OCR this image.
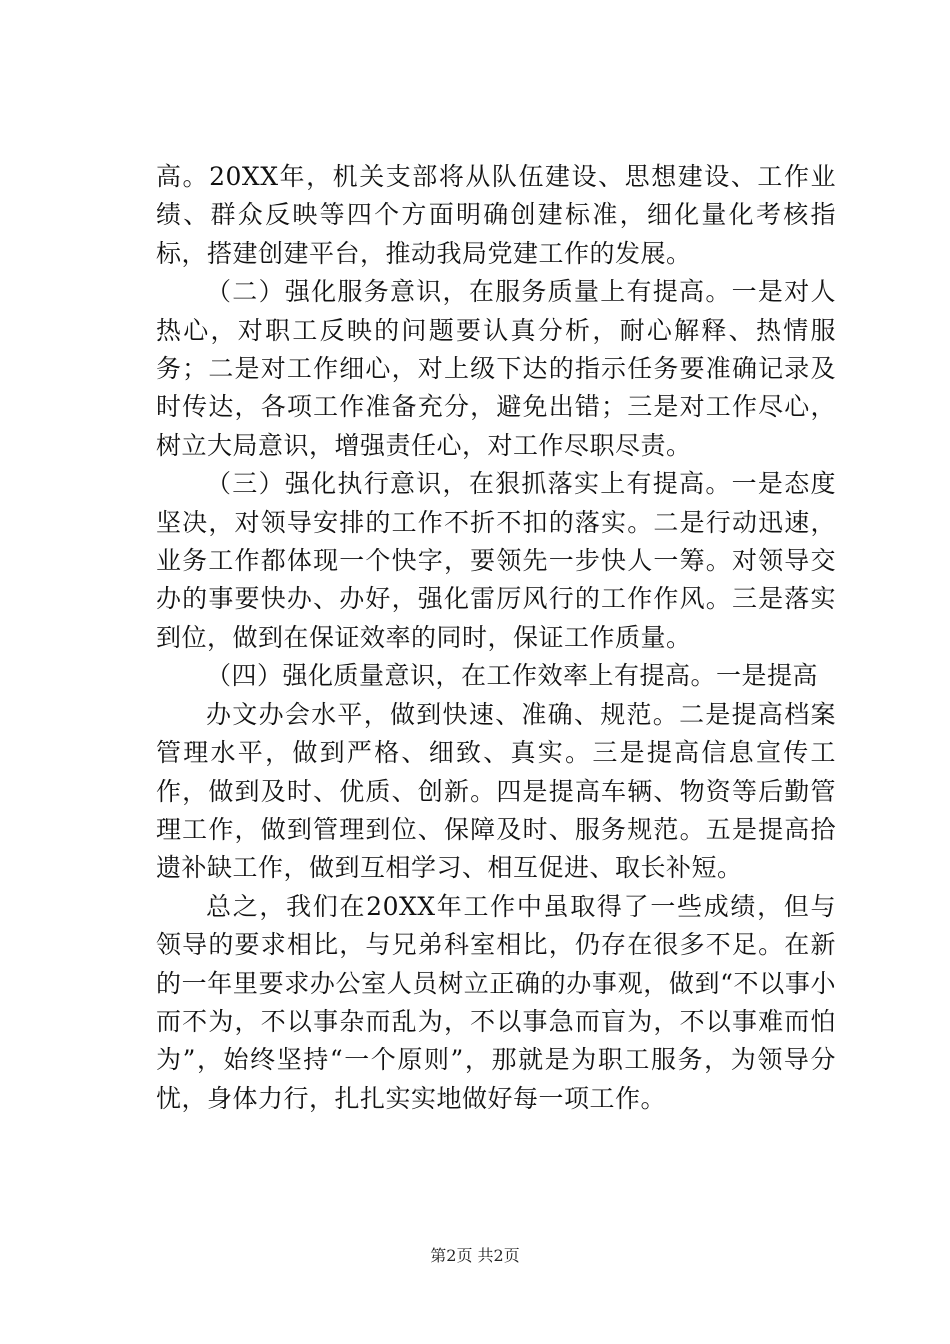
高。20XX年，机关支部将从队伍建设、思想建设、工作业绩、群众反映等四个方面明确创建标准，细化量化考核指标，搭建创建平台，推动我局党建工作的发展。

（二）强化服务意识，在服务质量上有提高。一是对人热心，对职工反映的问题要认真分析，耐心解释、热情服务；二是对工作细心，对上级下达的指示任务要准确记录及时传达，各项工作准备充分，避免出错；三是对工作尽心，树立大局意识，增强责任心，对工作尽职尽责。

（三）强化执行意识，在狠抓落实上有提高。一是态度坚决，对领导安排的工作不折不扣的落实。二是行动迅速，业务工作都体现一个快字，要领先一步快人一筹。对领导交办的事要快办、办好，强化雷厉风行的工作作风。三是落实到位，做到在保证效率的同时，保证工作质量。

（四）强化质量意识，在工作效率上有提高。一是提高

办文办会水平，做到快速、准确、规范。二是提高档案管理水平，做到严格、细致、真实。三是提高信息宣传工作，做到及时、优质、创新。四是提高车辆、物资等后勤管理工作，做到管理到位、保障及时、服务规范。五是提高拾遗补缺工作，做到互相学习、相互促进、取长补短。

总之，我们在20XX年工作中虽取得了一些成绩，但与领导的要求相比，与兄弟科室相比，仍存在很多不足。在新的一年里要求办公室人员树立正确的办事观，做到“不以事小而不为，不以事杂而乱为，不以事急而盲为，不以事难而怕为”，始终坚持“一个原则”，那就是为职工服务，为领导分忧，身体力行，扎扎实实地做好每一项工作。

第2页 共2页
